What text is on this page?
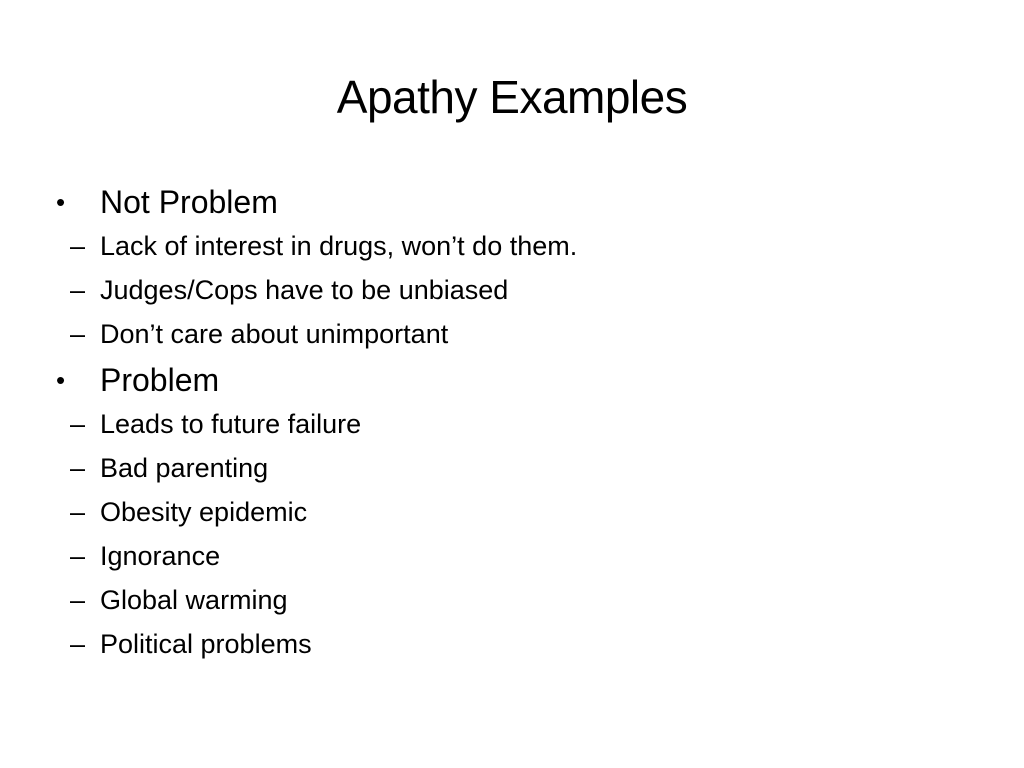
Apathy Examples
•	Not Problem
– Lack of interest in drugs, won’t do them.
– Judges/Cops have to be unbiased
– Don’t care about unimportant
•	Problem
– Leads to future failure
– Bad parenting
– Obesity epidemic
– Ignorance
– Global warming
– Political problems
